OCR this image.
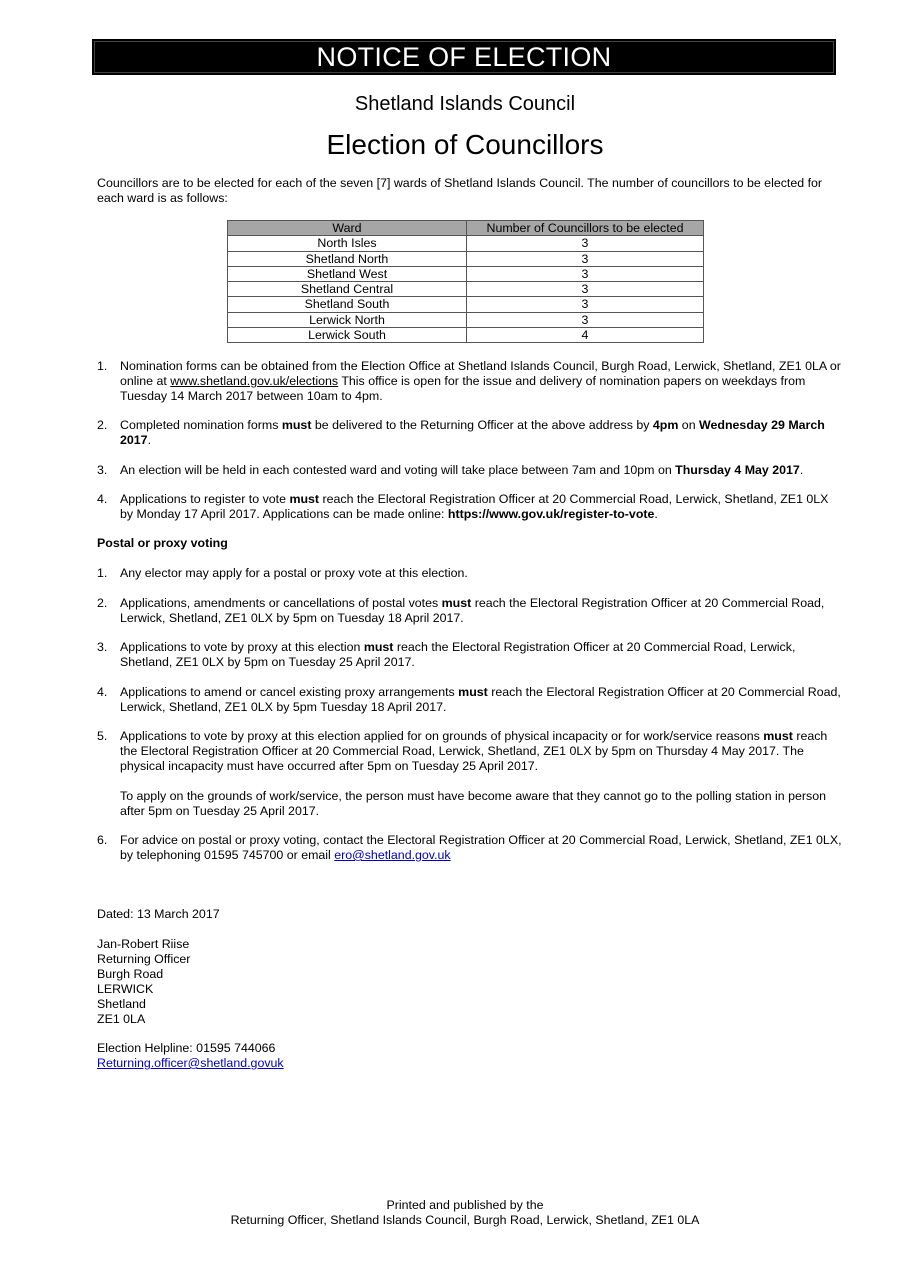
NOTICE OF ELECTION
Shetland Islands Council
Election of Councillors

Councillors are to be elected for each of the seven [7] wards of Shetland Islands Council. The number of councillors to be elected for each ward is as follows:

Ward	Number of Councillors to be elected
North Isles	3
Shetland North	3
Shetland West	3
Shetland Central	3
Shetland South	3
Lerwick North	3
Lerwick South	4

1. Nomination forms can be obtained from the Election Office at Shetland Islands Council, Burgh Road, Lerwick, Shetland, ZE1 0LA or online at www.shetland.gov.uk/elections This office is open for the issue and delivery of nomination papers on weekdays from Tuesday 14 March 2017 between 10am to 4pm.

2. Completed nomination forms must be delivered to the Returning Officer at the above address by 4pm on Wednesday 29 March 2017.

3. An election will be held in each contested ward and voting will take place between 7am and 10pm on Thursday 4 May 2017.

4. Applications to register to vote must reach the Electoral Registration Officer at 20 Commercial Road, Lerwick, Shetland, ZE1 0LX by Monday 17 April 2017. Applications can be made online: https://www.gov.uk/register-to-vote.

Postal or proxy voting

1. Any elector may apply for a postal or proxy vote at this election.

2. Applications, amendments or cancellations of postal votes must reach the Electoral Registration Officer at 20 Commercial Road, Lerwick, Shetland, ZE1 0LX by 5pm on Tuesday 18 April 2017.

3. Applications to vote by proxy at this election must reach the Electoral Registration Officer at 20 Commercial Road, Lerwick, Shetland, ZE1 0LX by 5pm on Tuesday 25 April 2017.

4. Applications to amend or cancel existing proxy arrangements must reach the Electoral Registration Officer at 20 Commercial Road, Lerwick, Shetland, ZE1 0LX by 5pm Tuesday 18 April 2017.

5. Applications to vote by proxy at this election applied for on grounds of physical incapacity or for work/service reasons must reach the Electoral Registration Officer at 20 Commercial Road, Lerwick, Shetland, ZE1 0LX by 5pm on Thursday 4 May 2017. The physical incapacity must have occurred after 5pm on Tuesday 25 April 2017.

To apply on the grounds of work/service, the person must have become aware that they cannot go to the polling station in person after 5pm on Tuesday 25 April 2017.

6. For advice on postal or proxy voting, contact the Electoral Registration Officer at 20 Commercial Road, Lerwick, Shetland, ZE1 0LX, by telephoning 01595 745700 or email ero@shetland.gov.uk

Dated: 13 March 2017

Jan-Robert Riise
Returning Officer
Burgh Road
LERWICK
Shetland
ZE1 0LA
Election Helpline: 01595 744066
Returning.officer@shetland.govuk
Printed and published by the
Returning Officer, Shetland Islands Council, Burgh Road, Lerwick, Shetland, ZE1 0LA
